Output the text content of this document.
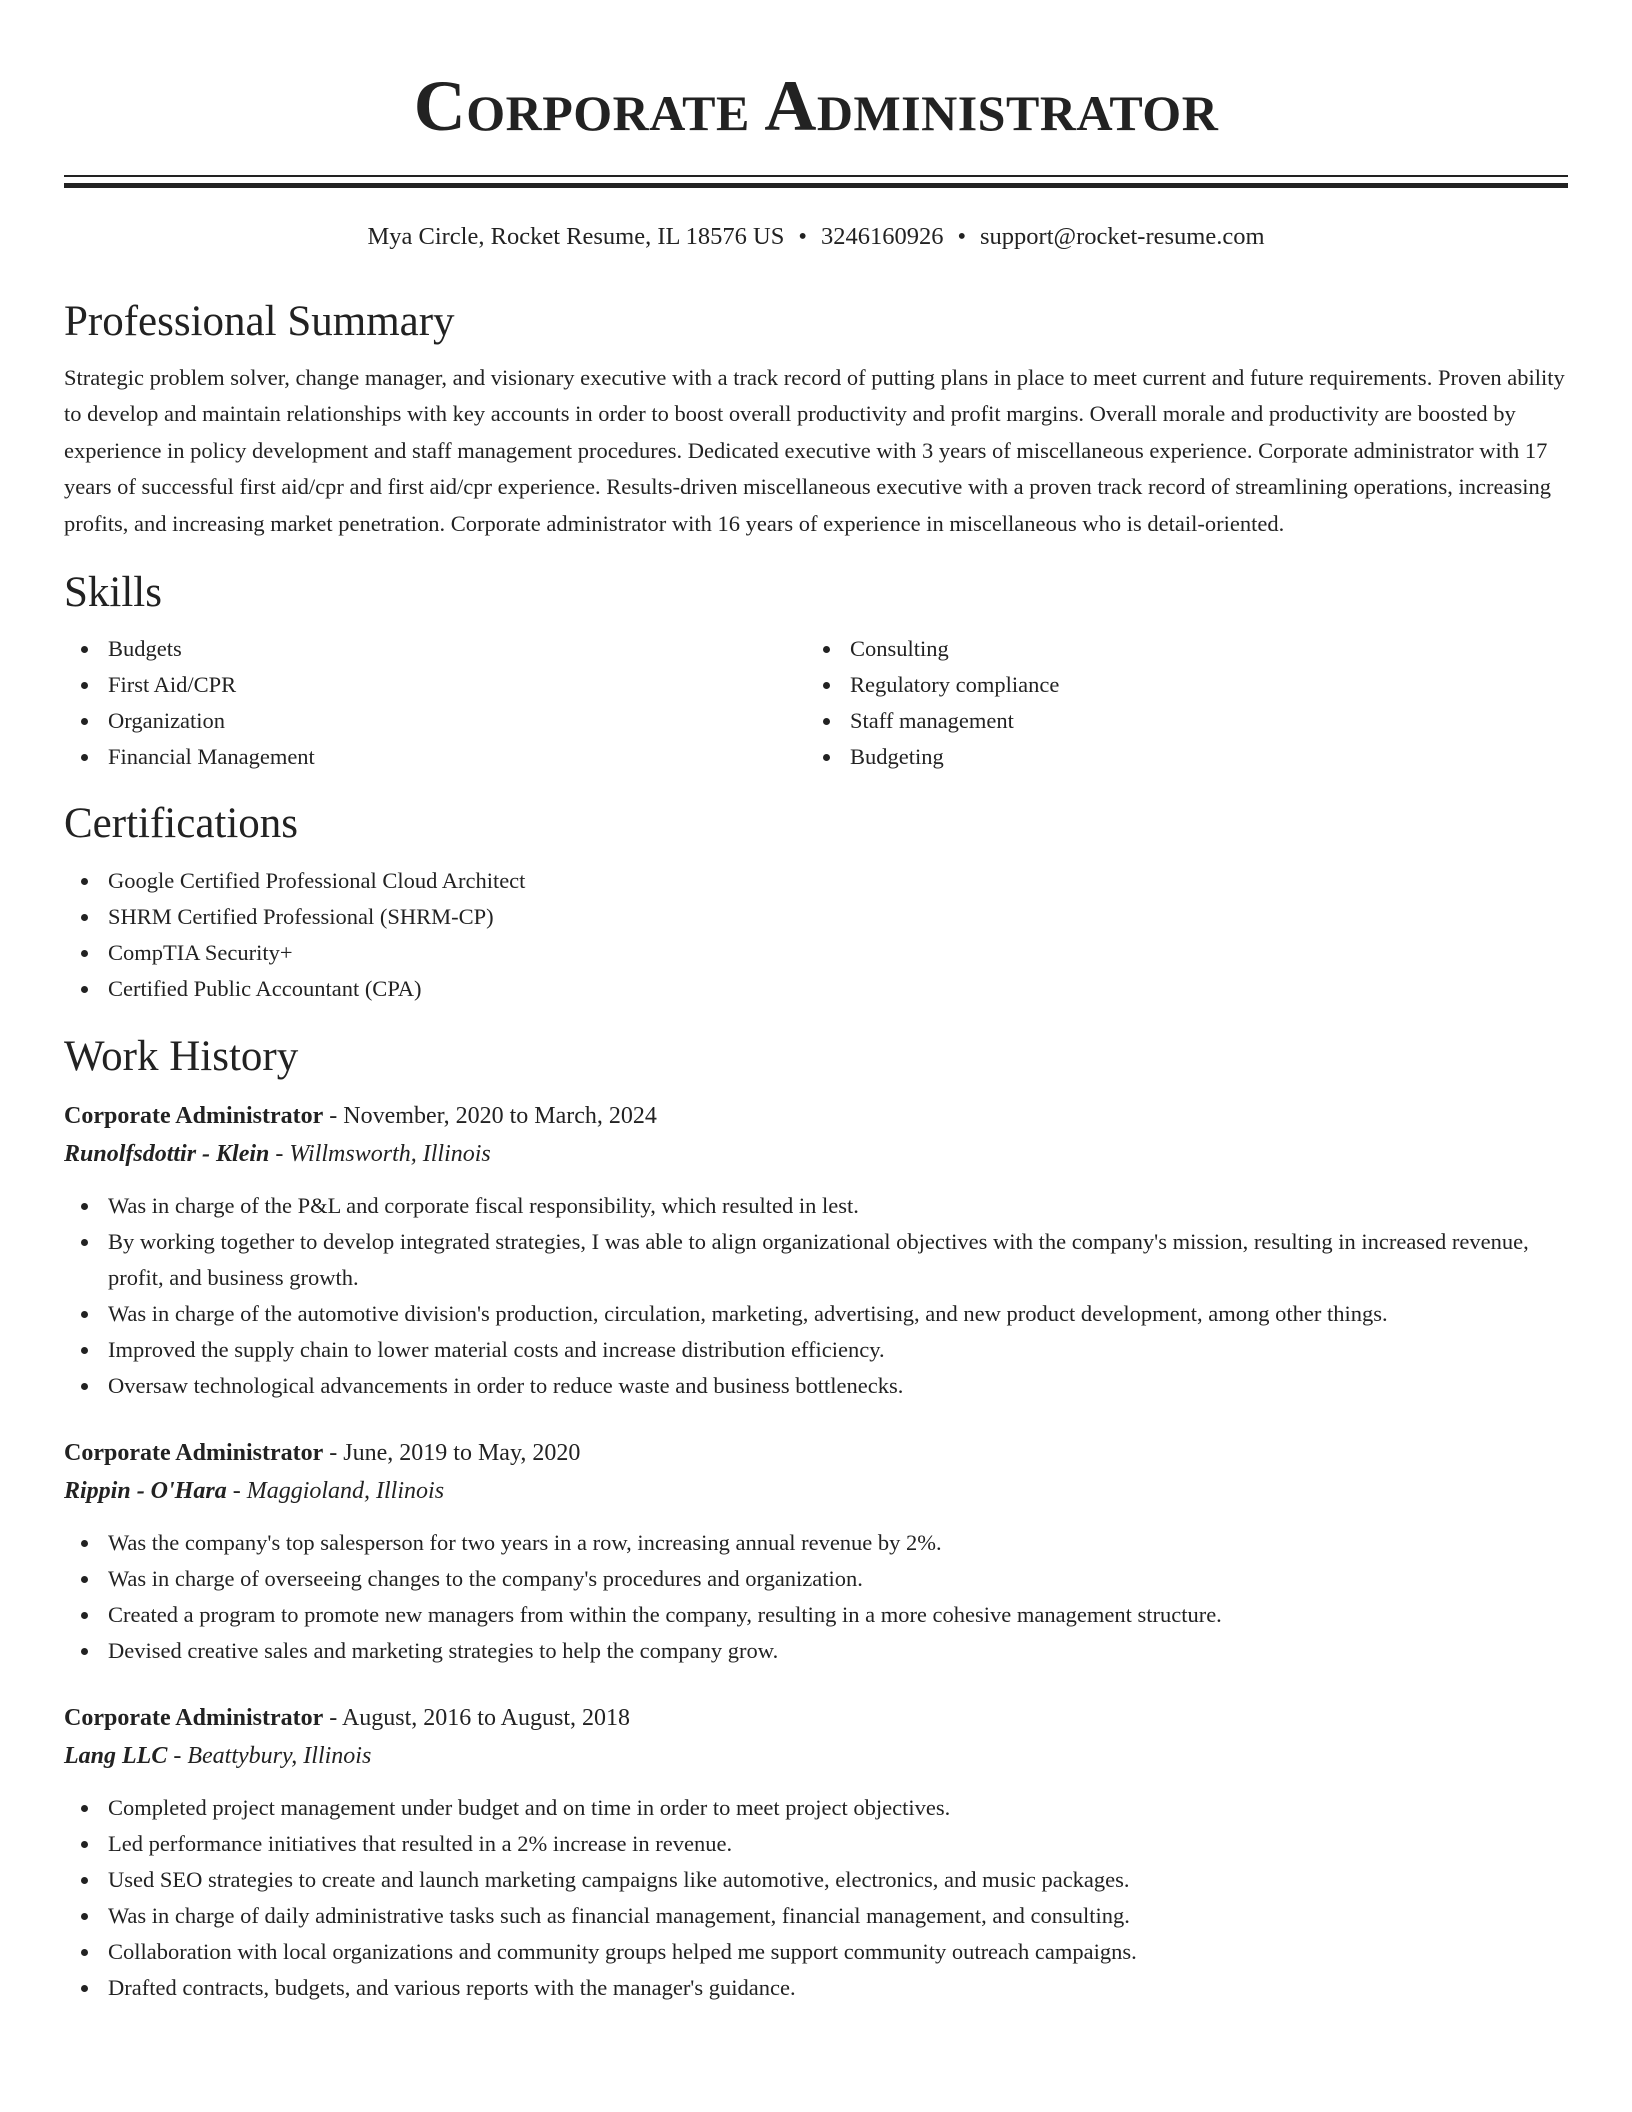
Corporate Administrator
Mya Circle, Rocket Resume, IL 18576 US • 3246160926 • support@rocket-resume.com
Professional Summary
Strategic problem solver, change manager, and visionary executive with a track record of putting plans in place to meet current and future requirements. Proven ability to develop and maintain relationships with key accounts in order to boost overall productivity and profit margins. Overall morale and productivity are boosted by experience in policy development and staff management procedures. Dedicated executive with 3 years of miscellaneous experience. Corporate administrator with 17 years of successful first aid/cpr and first aid/cpr experience. Results-driven miscellaneous executive with a proven track record of streamlining operations, increasing profits, and increasing market penetration. Corporate administrator with 16 years of experience in miscellaneous who is detail-oriented.
Skills
Budgets
First Aid/CPR
Organization
Financial Management
Consulting
Regulatory compliance
Staff management
Budgeting
Certifications
Google Certified Professional Cloud Architect
SHRM Certified Professional (SHRM-CP)
CompTIA Security+
Certified Public Accountant (CPA)
Work History
Corporate Administrator - November, 2020 to March, 2024
Runolfsdottir - Klein - Willmsworth, Illinois
Was in charge of the P&L and corporate fiscal responsibility, which resulted in lest.
By working together to develop integrated strategies, I was able to align organizational objectives with the company's mission, resulting in increased revenue, profit, and business growth.
Was in charge of the automotive division's production, circulation, marketing, advertising, and new product development, among other things.
Improved the supply chain to lower material costs and increase distribution efficiency.
Oversaw technological advancements in order to reduce waste and business bottlenecks.
Corporate Administrator - June, 2019 to May, 2020
Rippin - O'Hara - Maggioland, Illinois
Was the company's top salesperson for two years in a row, increasing annual revenue by 2%.
Was in charge of overseeing changes to the company's procedures and organization.
Created a program to promote new managers from within the company, resulting in a more cohesive management structure.
Devised creative sales and marketing strategies to help the company grow.
Corporate Administrator - August, 2016 to August, 2018
Lang LLC - Beattybury, Illinois
Completed project management under budget and on time in order to meet project objectives.
Led performance initiatives that resulted in a 2% increase in revenue.
Used SEO strategies to create and launch marketing campaigns like automotive, electronics, and music packages.
Was in charge of daily administrative tasks such as financial management, financial management, and consulting.
Collaboration with local organizations and community groups helped me support community outreach campaigns.
Drafted contracts, budgets, and various reports with the manager's guidance.
